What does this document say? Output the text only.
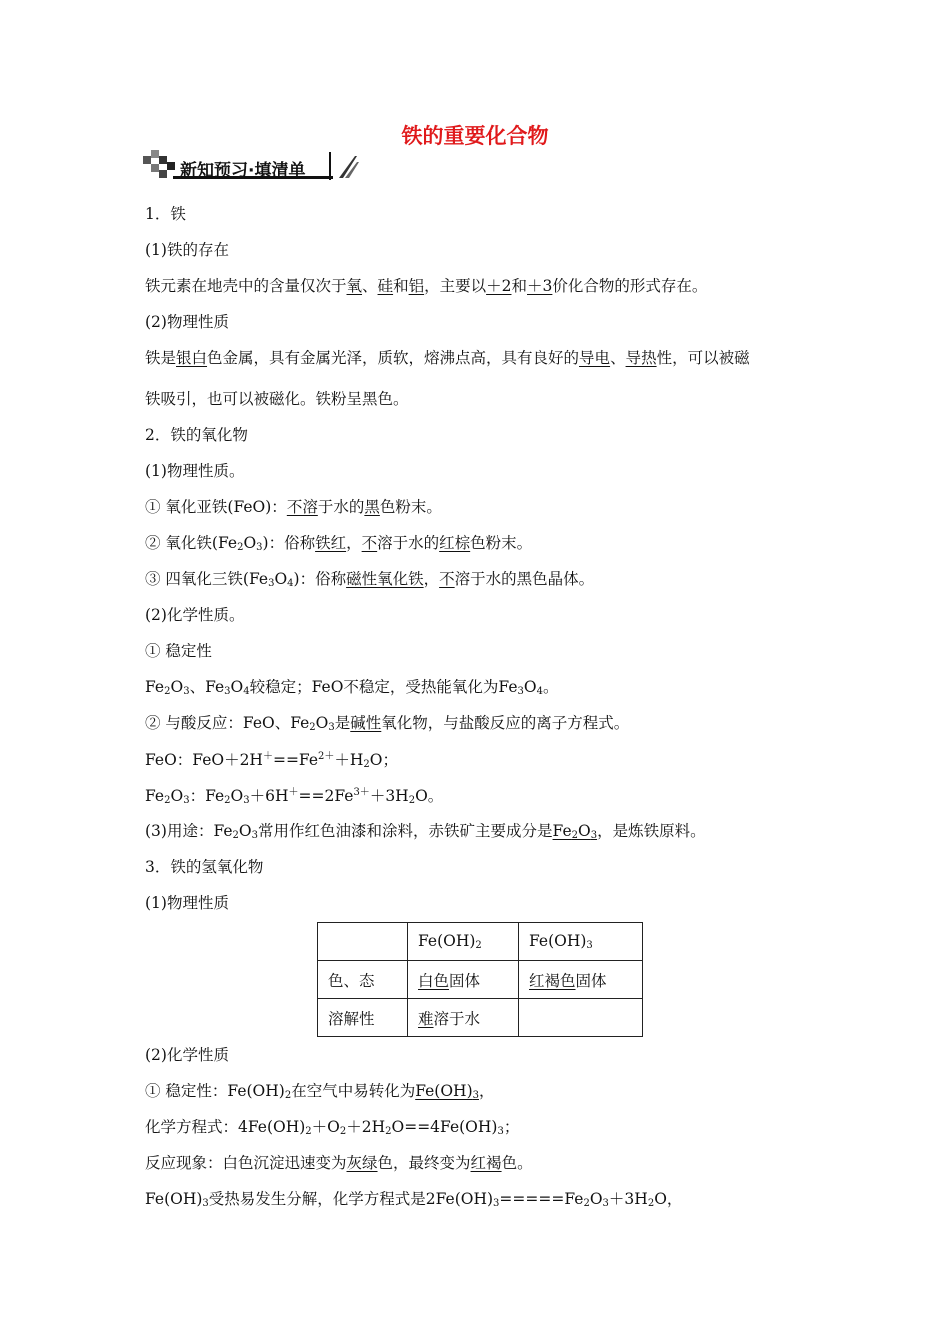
铁的重要化合物
新知预习·填清单
1．铁
(1)铁的存在
铁元素在地壳中的含量仅次于氧、硅和铝，主要以＋2和＋3价化合物的形式存在。
(2)物理性质
铁是银白色金属，具有金属光泽，质软，熔沸点高，具有良好的导电、导热性，可以被磁
铁吸引，也可以被磁化。铁粉呈黑色。
2．铁的氧化物
(1)物理性质。
① 氧化亚铁(FeO)：不溶于水的黑色粉末。
② 氧化铁$(Fe_2O_3)$：俗称铁红，不溶于水的红棕色粉末。
③ 四氧化三铁$(Fe_3O_4)$：俗称磁性氧化铁，不溶于水的黑色晶体。
(2)化学性质。
① 稳定性
$Fe_2O_3$、$Fe_3O_4$较稳定；FeO不稳定，受热能氧化为$Fe_3O_4$。
② 与酸反应：FeO、$Fe_2O_3$是碱性氧化物，与盐酸反应的离子方程式。
FeO：$FeO+2H^+==Fe^{2+}+H_2O$；
$Fe_2O_3$：$Fe_2O_3+6H^+==2Fe^{3+}+3H_2O$。
(3)用途：$Fe_2O_3$常用作红色油漆和涂料，赤铁矿主要成分是$Fe_2O_3$，是炼铁原料。
3．铁的氢氧化物
(1)物理性质
	$Fe(OH)_2$	$Fe(OH)_3$
色、态	白色固体	红褐色固体
溶解性	难溶于水	
(2)化学性质
① 稳定性：$Fe(OH)_2$在空气中易转化为$Fe(OH)_3$，
化学方程式：$4Fe(OH)_2+O_2+2H_2O==4Fe(OH)_3$；
反应现象：白色沉淀迅速变为灰绿色，最终变为红褐色。
$Fe(OH)_3$受热易发生分解，化学方程式是$2Fe(OH)_3=====Fe_2O_3+3H_2O$，
